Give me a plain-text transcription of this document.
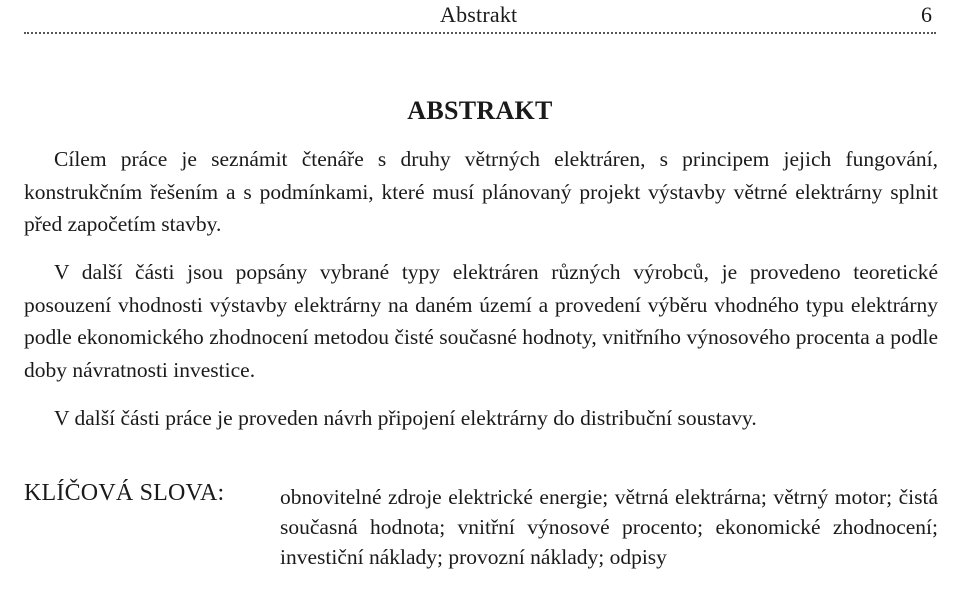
Abstrakt	6
ABSTRAKT

Cílem práce je seznámit čtenáře s druhy větrných elektráren, s principem jejich fungování, konstrukčním řešením a s podmínkami, které musí plánovaný projekt výstavby větrné elektrárny splnit před započetím stavby.

V další části jsou popsány vybrané typy elektráren různých výrobců, je provedeno teoretické posouzení vhodnosti výstavby elektrárny na daném území a provedení výběru vhodného typu elektrárny podle ekonomického zhodnocení metodou čisté současné hodnoty, vnitřního výnosového procenta a podle doby návratnosti investice.

V další části práce je proveden návrh připojení elektrárny do distribuční soustavy.

KLÍČOVÁ SLOVA:	obnovitelné zdroje elektrické energie; větrná elektrárna; větrný motor; čistá současná hodnota; vnitřní výnosové procento; ekonomické zhodnocení; investiční náklady; provozní náklady; odpisy
